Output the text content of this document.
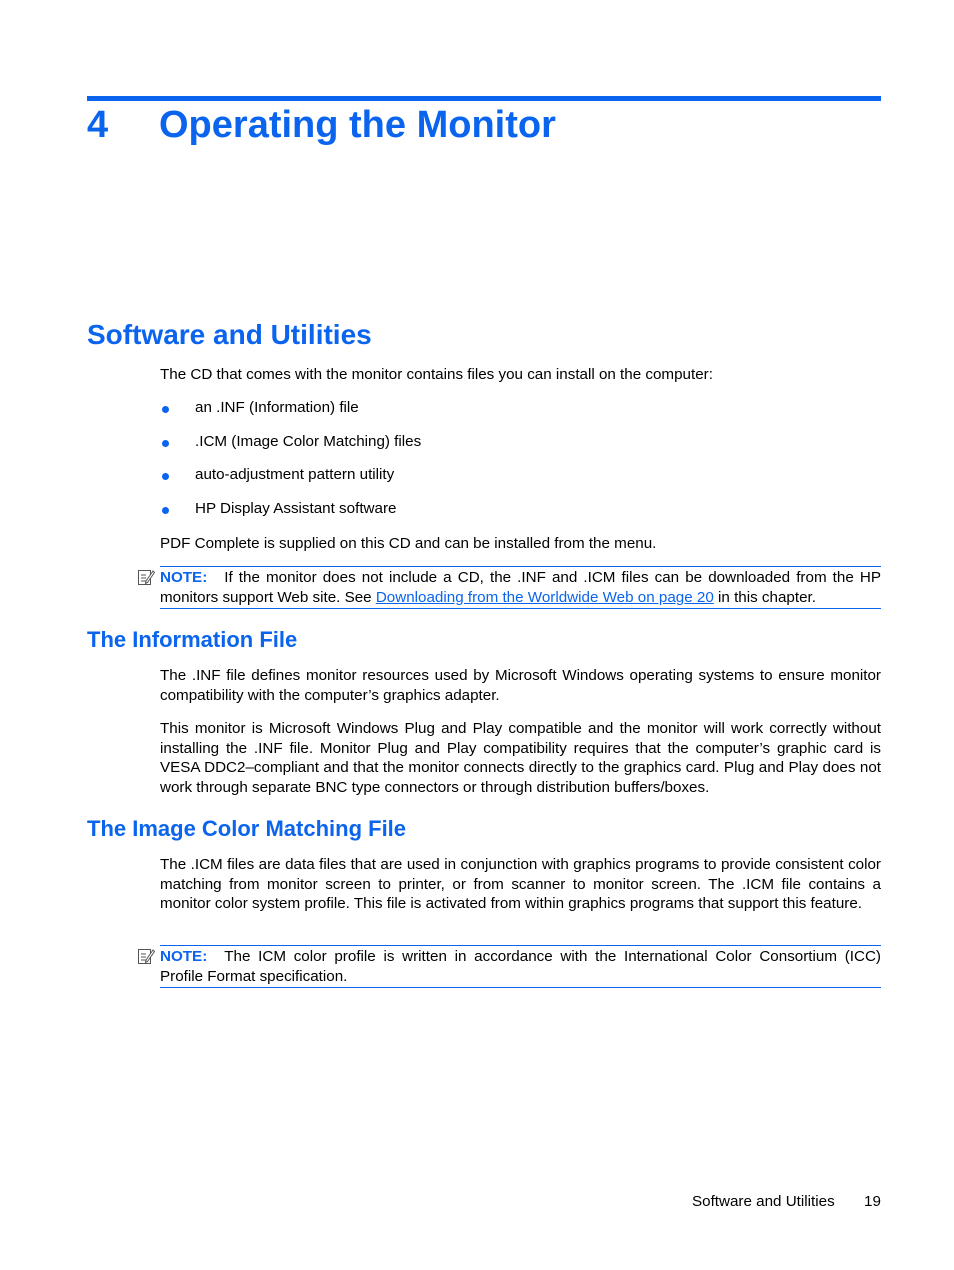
4 Operating the Monitor
Software and Utilities

The CD that comes with the monitor contains files you can install on the computer:

an .INF (Information) file
.ICM (Image Color Matching) files
auto-adjustment pattern utility
HP Display Assistant software

PDF Complete is supplied on this CD and can be installed from the menu.

NOTE: If the monitor does not include a CD, the .INF and .ICM files can be downloaded from the HP monitors support Web site. See Downloading from the Worldwide Web on page 20 in this chapter.
The Information File

The .INF file defines monitor resources used by Microsoft Windows operating systems to ensure monitor compatibility with the computer’s graphics adapter.

This monitor is Microsoft Windows Plug and Play compatible and the monitor will work correctly without installing the .INF file. Monitor Plug and Play compatibility requires that the computer’s graphic card is VESA DDC2–compliant and that the monitor connects directly to the graphics card. Plug and Play does not work through separate BNC type connectors or through distribution buffers/boxes.

The Image Color Matching File

The .ICM files are data files that are used in conjunction with graphics programs to provide consistent color matching from monitor screen to printer, or from scanner to monitor screen. The .ICM file contains a monitor color system profile. This file is activated from within graphics programs that support this feature.

NOTE: The ICM color profile is written in accordance with the International Color Consortium (ICC) Profile Format specification.
Software and Utilities 19
